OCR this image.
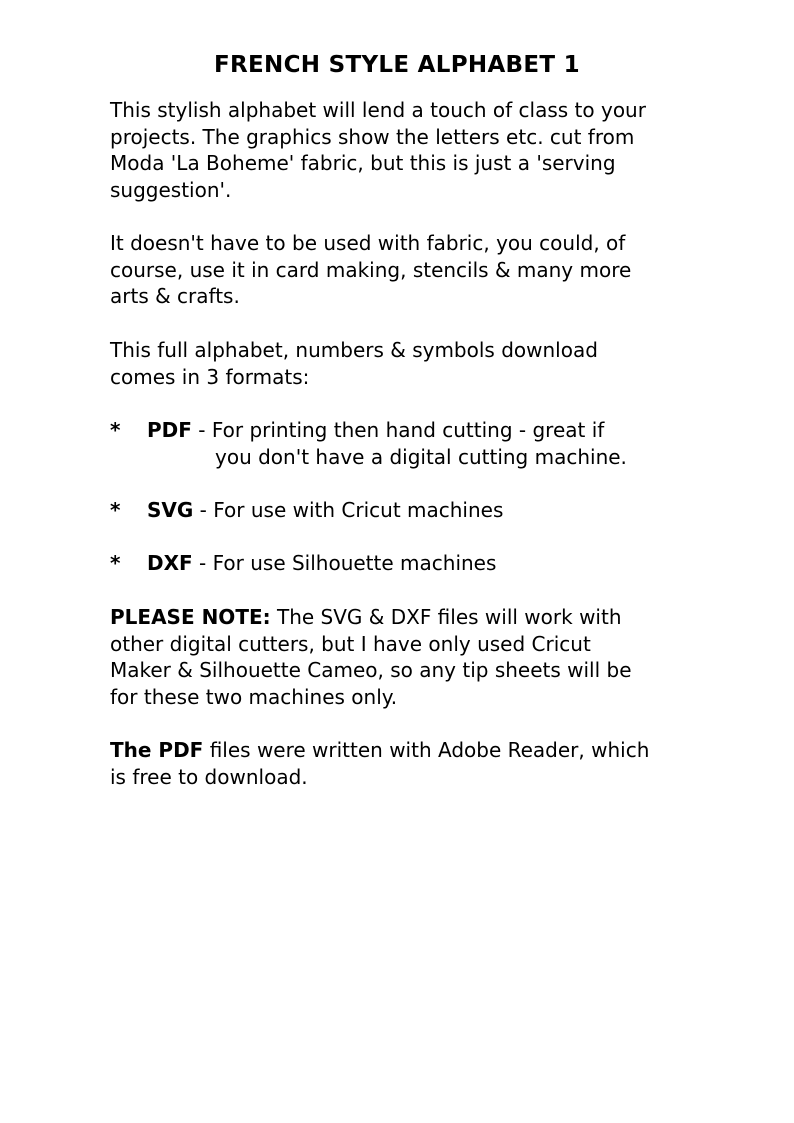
FRENCH STYLE ALPHABET 1
This stylish alphabet will lend a touch of class to your
projects. The graphics show the letters etc. cut from
Moda 'La Boheme' fabric, but this is just a 'serving
suggestion'.
It doesn't have to be used with fabric, you could, of
course, use it in card making, stencils & many more
arts & crafts.
This full alphabet, numbers & symbols download
comes in 3 formats:
* PDF - For printing then hand cutting - great if
you don't have a digital cutting machine.
* SVG - For use with Cricut machines
* DXF - For use Silhouette machines
PLEASE NOTE: The SVG & DXF files will work with
other digital cutters, but I have only used Cricut
Maker & Silhouette Cameo, so any tip sheets will be
for these two machines only.
The PDF files were written with Adobe Reader, which
is free to download.
